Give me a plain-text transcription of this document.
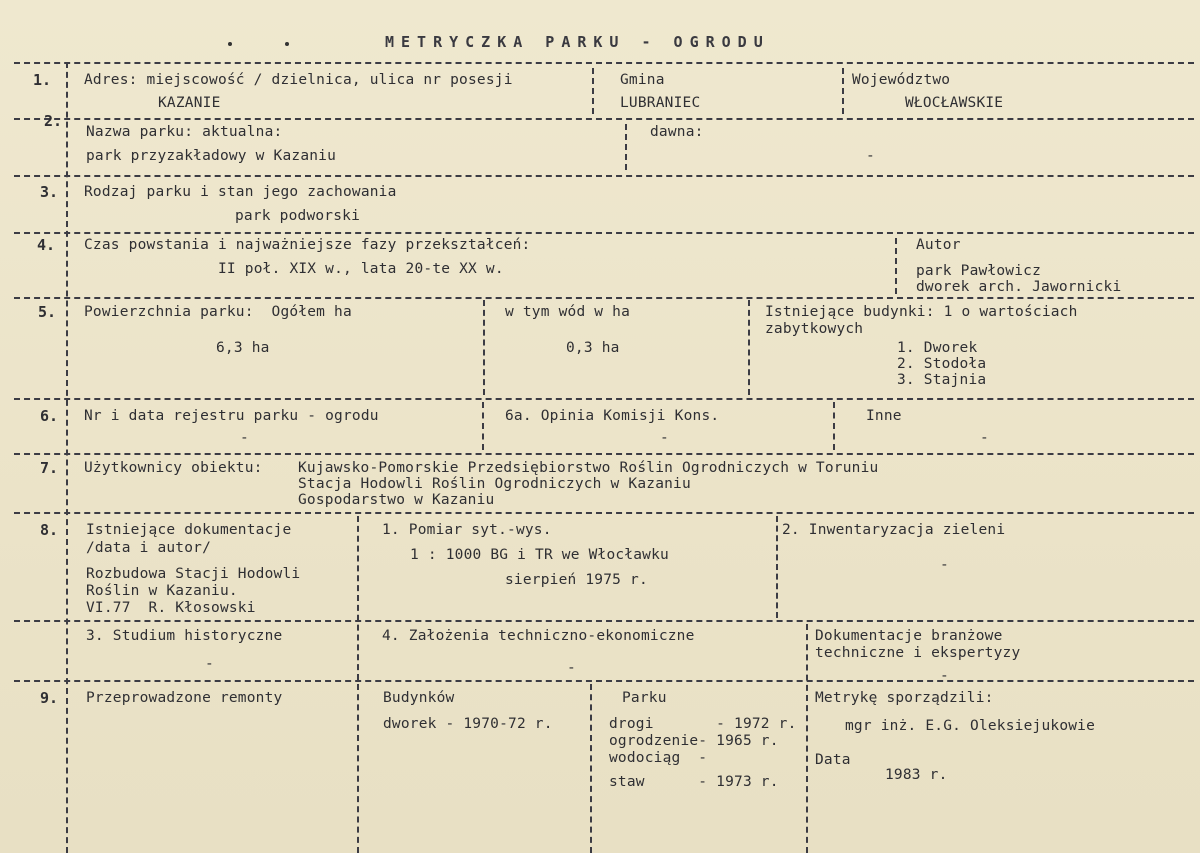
METRYCZKA PARKU - OGRODU
1. Adres: miejscowość / dzielnica, ulica nr posesji
KAZANIE
Gmina
LUBRANIEC
Województwo
WŁOCŁAWSKIE
2.
Nazwa parku: aktualna:
park przyzakładowy w Kazaniu
dawna:
-
3. Rodzaj parku i stan jego zachowania
park podworski
4. Czas powstania i najważniejsze fazy przekształceń:
II poł. XIX w., lata 20-te XX w.
Autor
park Pawłowicz
dworek arch. Jawornicki
5. Powierzchnia parku:  Ogółem ha
6,3 ha
w tym wód w ha
0,3 ha
Istniejące budynki: 1 o wartościach
zabytkowych
1. Dworek
2. Stodoła
3. Stajnia
6. Nr i data rejestru parku - ogrodu
-
6a. Opinia Komisji Kons.
-
Inne
-
7. Użytkownicy obiektu: Kujawsko-Pomorskie Przedsiębiorstwo Roślin Ogrodniczych w Toruniu
Stacja Hodowli Roślin Ogrodniczych w Kazaniu
Gospodarstwo w Kazaniu
8. Istniejące dokumentacje
/data i autor/
Rozbudowa Stacji Hodowli
Roślin w Kazaniu.
VI.77  R. Kłosowski
1. Pomiar syt.-wys.
1 : 1000 BG i TR we Włocławku
sierpień 1975 r.
2. Inwentaryzacja zieleni
-
3. Studium historyczne
-
4. Założenia techniczno-ekonomiczne
-
Dokumentacje branżowe
techniczne i ekspertyzy
-
9. Przeprowadzone remonty	Budynków
dworek - 1970-72 r.
Parku
drogi       - 1972 r.
ogrodzenie- 1965 r.
wodociąg  -
staw      - 1973 r.
Metrykę sporządzili:
mgr inż. E.G. Oleksiejukowie
Data
1983 r.
